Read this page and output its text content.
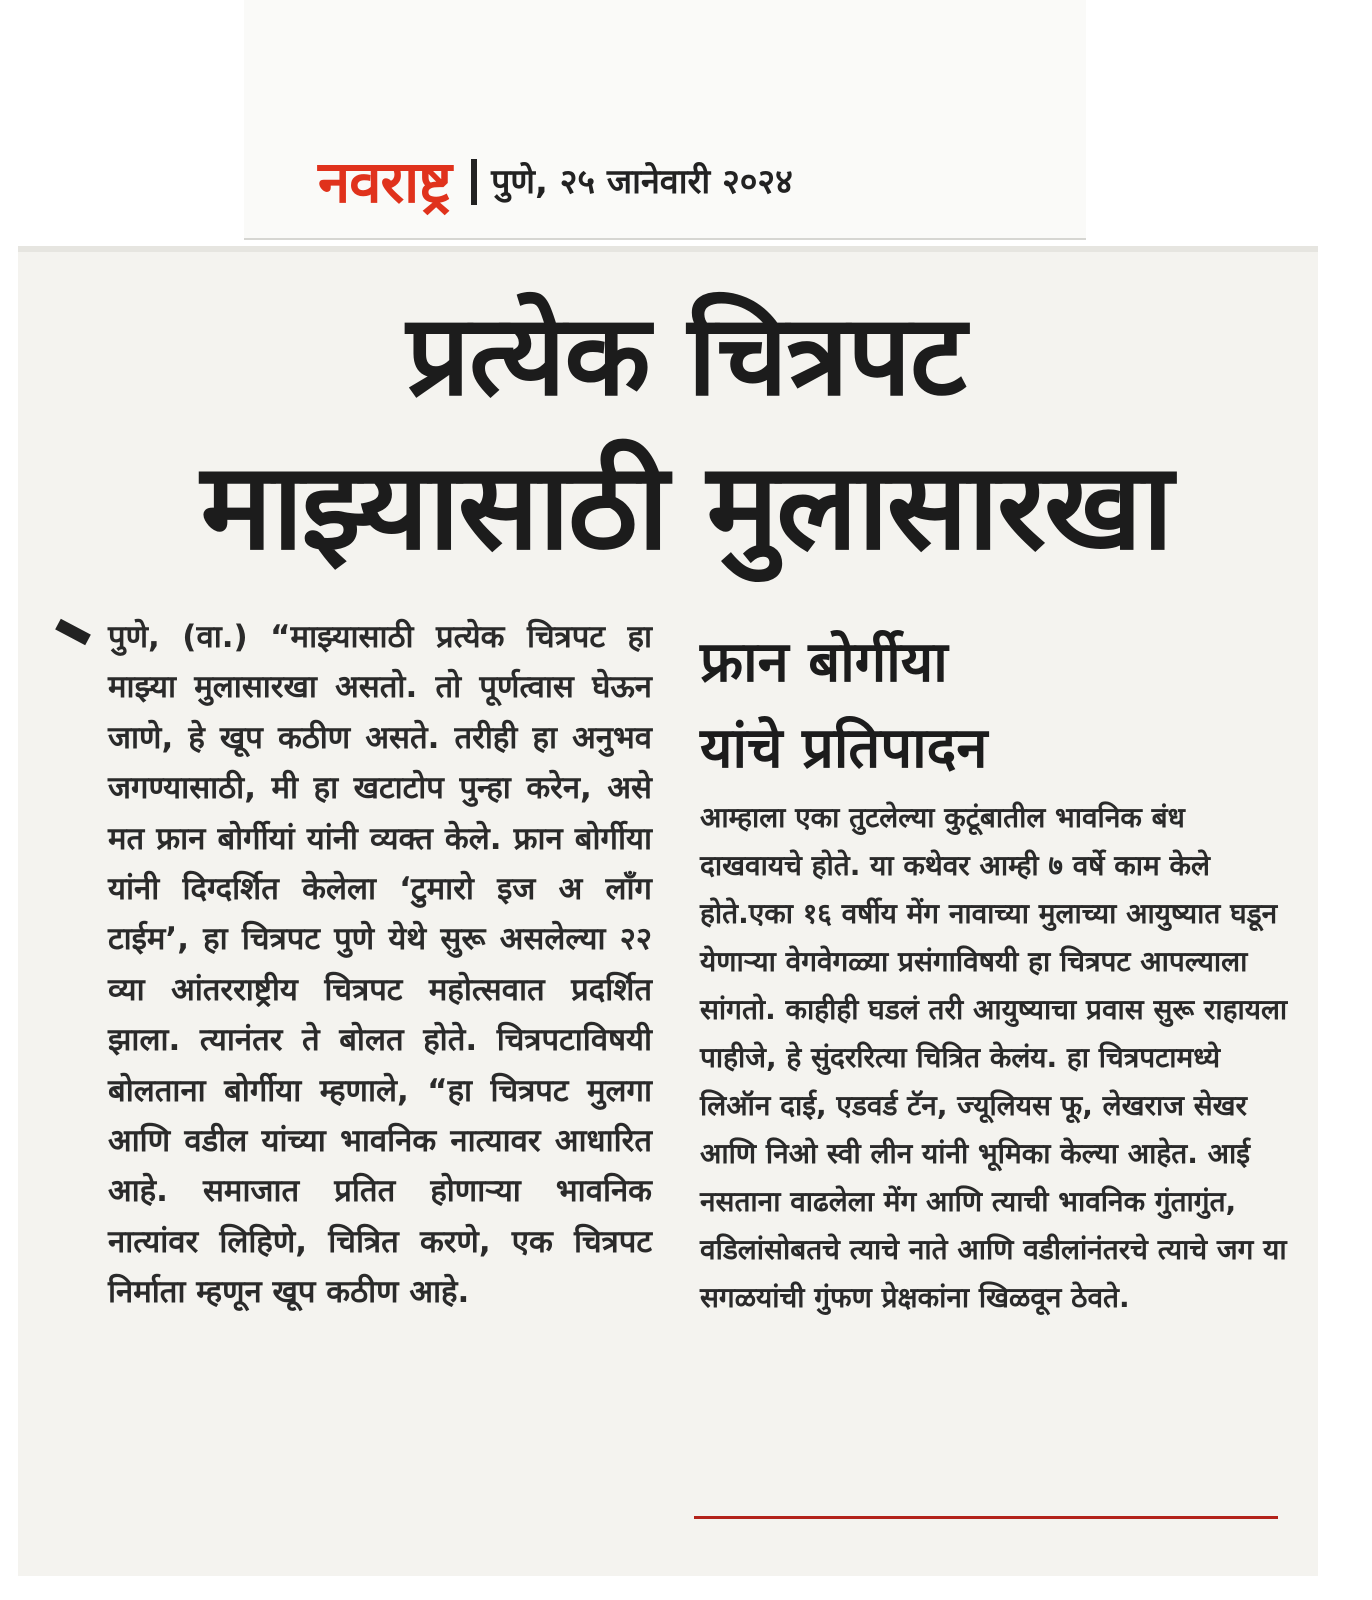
नवराष्ट्र पुणे, २५ जानेवारी २०२४
प्रत्येक चित्रपट
माझ्यासाठी मुलासारखा
पुणे, (वा.) “माझ्यासाठी प्रत्येक चित्रपट हा माझ्या मुलासारखा असतो. तो पूर्णत्वास घेऊन जाणे, हे खूप कठीण असते. तरीही हा अनुभव जगण्यासाठी, मी हा खटाटोप पुन्हा करेन, असे मत फ्रान बोर्गीयां यांनी व्यक्त केले. फ्रान बोर्गीया यांनी दिग्दर्शित केलेला ‘टुमारो इज अ लॉंग टाईम’, हा चित्रपट पुणे येथे सुरू असलेल्या २२ व्या आंतरराष्ट्रीय चित्रपट महोत्सवात प्रदर्शित झाला. त्यानंतर ते बोलत होते. चित्रपटाविषयी बोलताना बोर्गीया म्हणाले, “हा चित्रपट मुलगा आणि वडील यांच्या भावनिक नात्यावर आधारित आहे. समाजात प्रतित होणाऱ्या भावनिक नात्यांवर लिहिणे, चित्रित करणे, एक चित्रपट निर्माता म्हणून खूप कठीण आहे.
फ्रान बोर्गीया
यांचे प्रतिपादन
आम्हाला एका तुटलेल्या कुटूंबातील भावनिक बंध दाखवायचे होते. या कथेवर आम्ही ७ वर्षे काम केले होते.एका १६ वर्षीय मेंग नावाच्या मुलाच्या आयुष्यात घडून येणाऱ्या वेगवेगळ्या प्रसंगाविषयी हा चित्रपट आपल्याला सांगतो. काहीही घडलं तरी आयुष्याचा प्रवास सुरू राहायला पाहीजे, हे सुंदररित्या चित्रित केलंय. हा चित्रपटामध्ये लिऑन दाई, एडवर्ड टॅन, ज्यूलियस फू, लेखराज सेखर आणि निओ स्वी लीन यांनी भूमिका केल्या आहेत. आई नसताना वाढलेला मेंग आणि त्याची भावनिक गुंतागुंत, वडिलांसोबतचे त्याचे नाते आणि वडीलांनंतरचे त्याचे जग या सगळयांची गुंफण प्रेक्षकांना खिळवून ठेवते.
